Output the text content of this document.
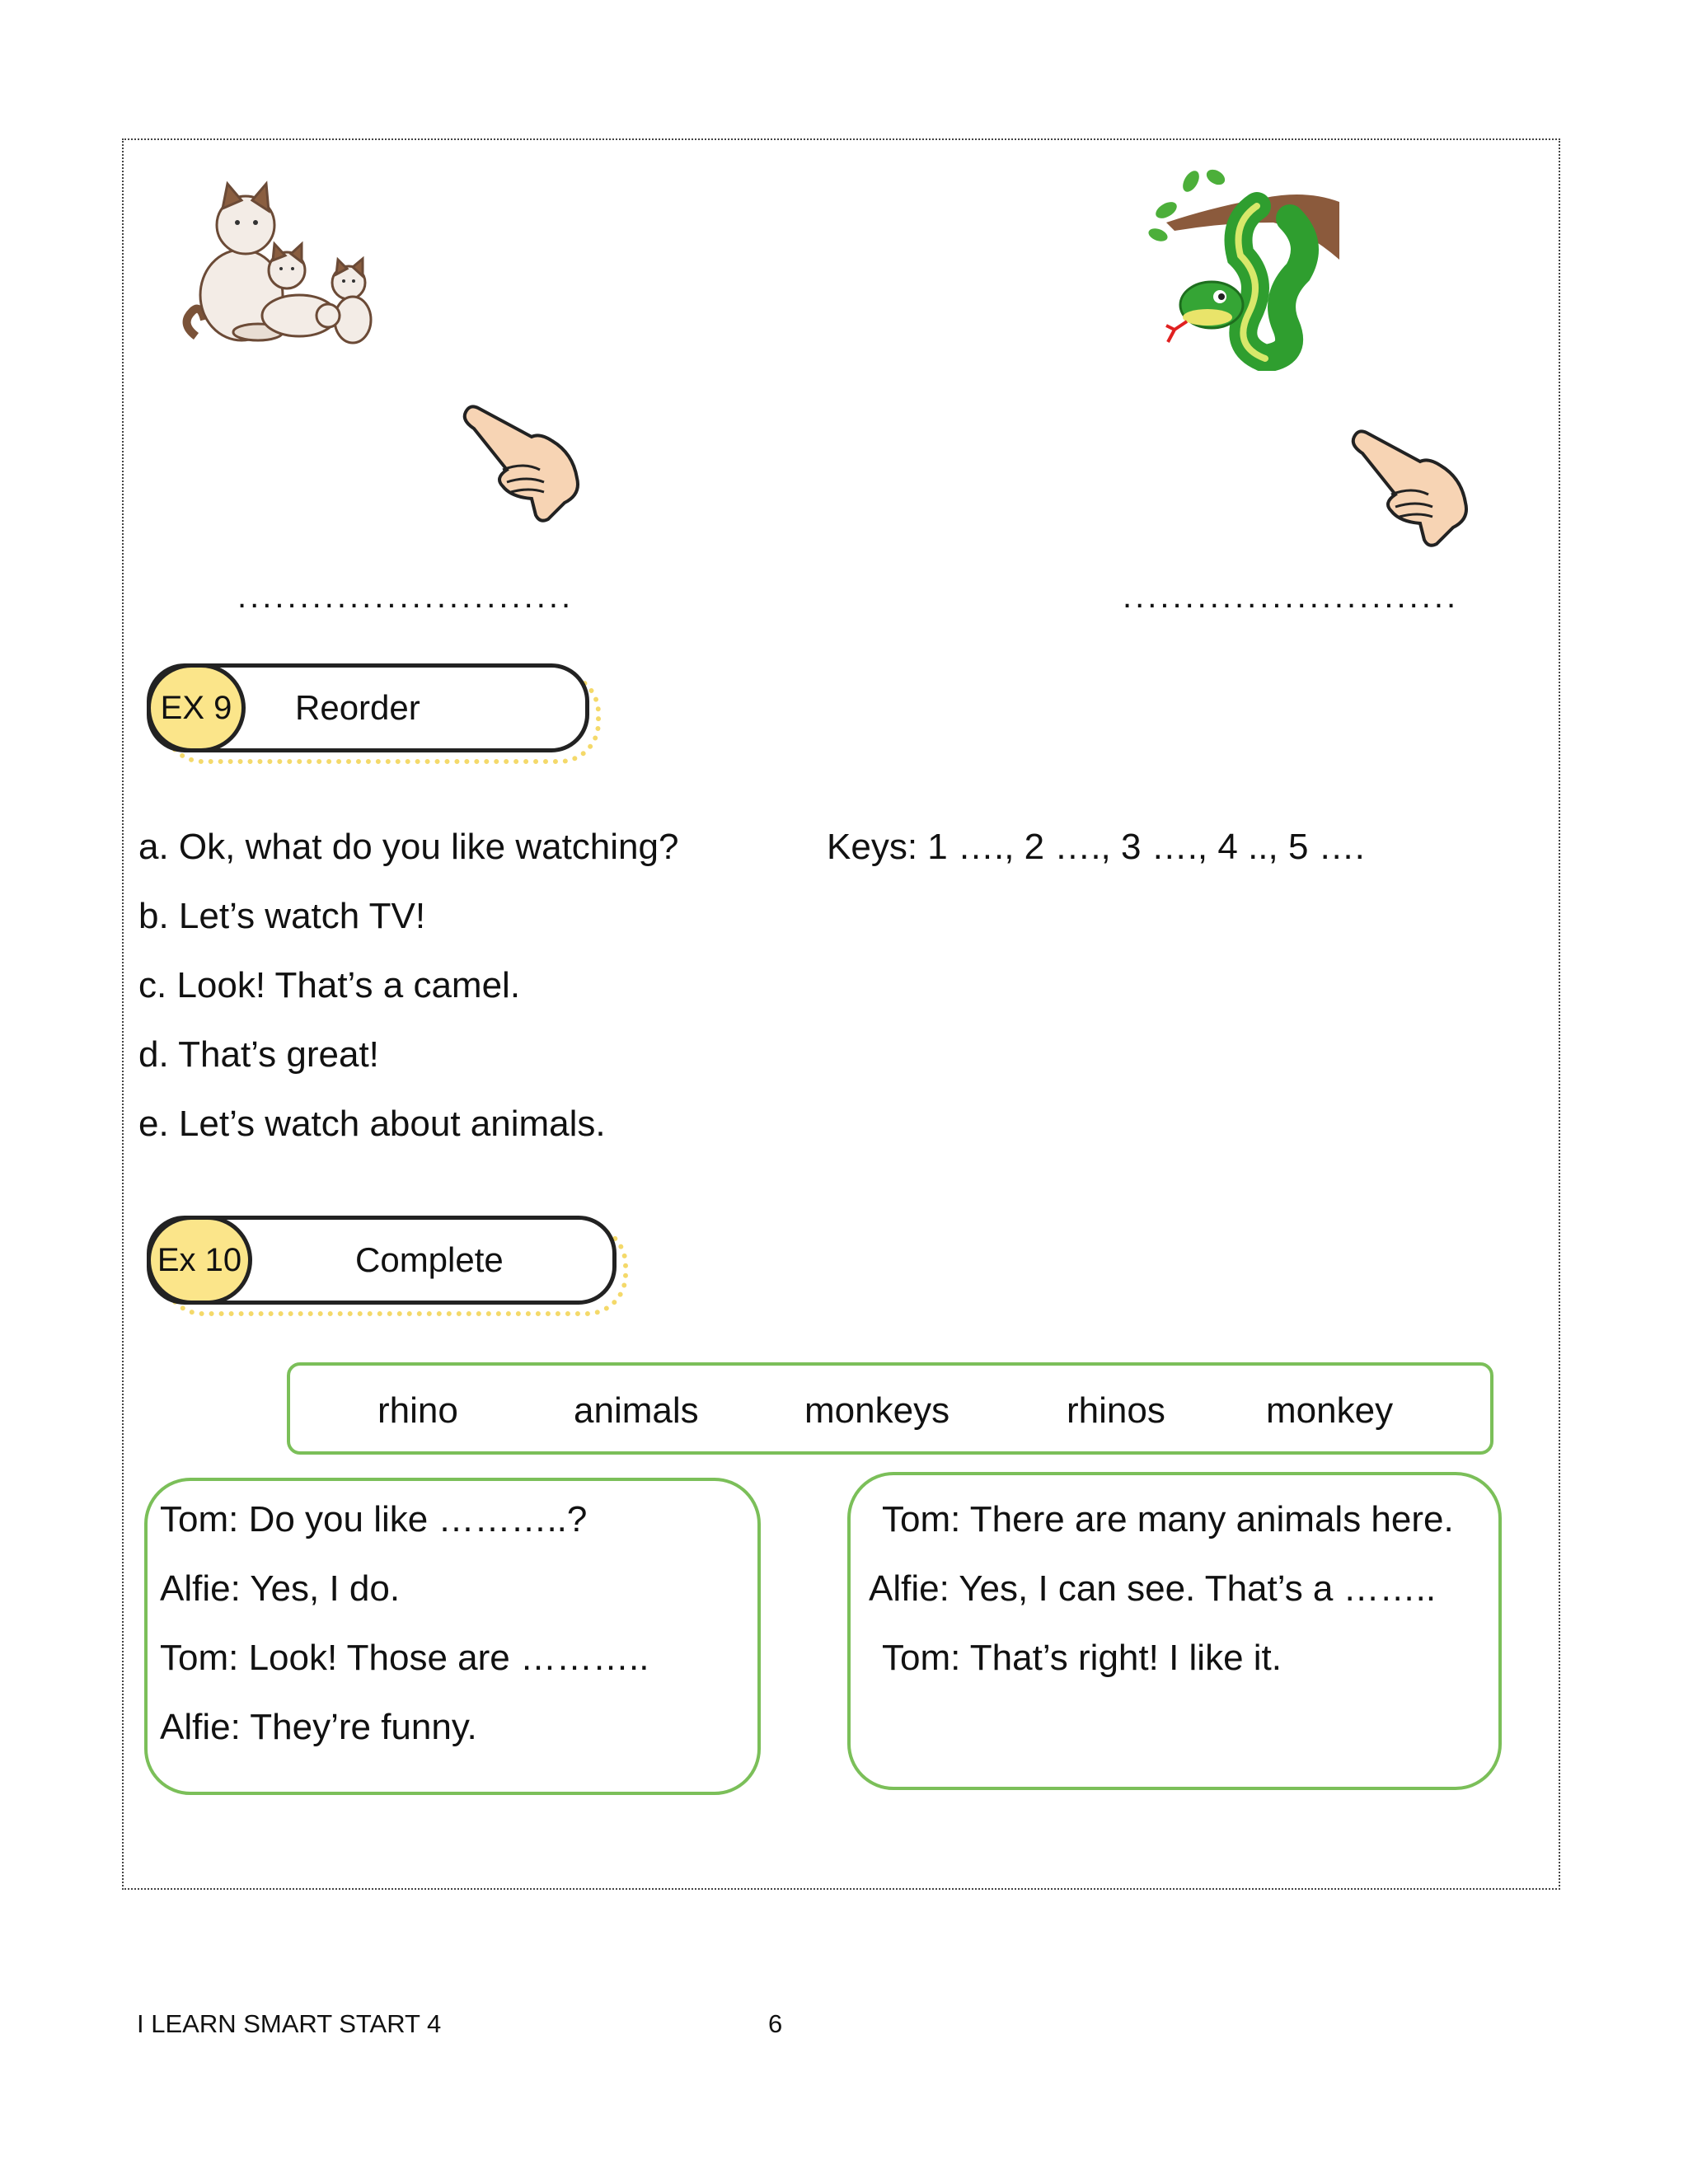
...........................	...........................
EX 9	Reorder
a. Ok, what do you like watching?
b. Let’s watch TV!
c. Look! That’s a camel.
d. That’s great!
e. Let’s watch about animals.
Keys: 1 …., 2 …., 3 …., 4 .., 5 ….
Ex 10	Complete
rhino	animals	monkeys	rhinos	monkey
Tom: Do you like ………..?
Alfie: Yes, I do.
Tom: Look! Those are ………..
Alfie: They’re funny.
Tom: There are many animals here.
Alfie: Yes, I can see. That’s a ……..
Tom: That’s right! I like it.
I LEARN SMART START 4	6
